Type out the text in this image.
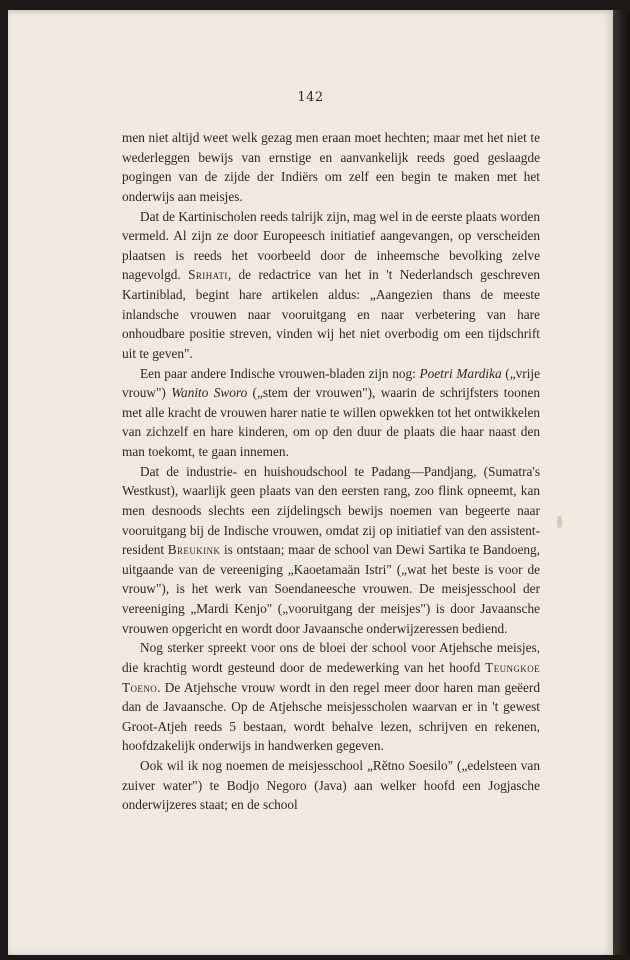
142

men niet altijd weet welk gezag men eraan moet hechten; maar met het niet te wederleggen bewijs van ernstige en aanvankelijk reeds goed geslaagde pogingen van de zijde der Indiërs om zelf een begin te maken met het onderwijs aan meisjes.

Dat de Kartinischolen reeds talrijk zijn, mag wel in de eerste plaats worden vermeld. Al zijn ze door Europeesch initiatief aangevangen, op verscheiden plaatsen is reeds het voorbeeld door de inheemsche bevolking zelve nagevolgd. Srihati, de redactrice van het in 't Nederlandsch geschreven Kartiniblad, begint hare artikelen aldus: „Aangezien thans de meeste inlandsche vrouwen naar vooruitgang en naar verbetering van hare onhoudbare positie streven, vinden wij het niet overbodig om een tijdschrift uit te geven".

Een paar andere Indische vrouwen-bladen zijn nog: Poetri Mardika („vrije vrouw") Wanito Sworo („stem der vrouwen"), waarin de schrijfsters toonen met alle kracht de vrouwen harer natie te willen opwekken tot het ontwikkelen van zichzelf en hare kinderen, om op den duur de plaats die haar naast den man toekomt, te gaan innemen.

Dat de industrie- en huishoudschool te Padang—Pandjang, (Sumatra's Westkust), waarlijk geen plaats van den eersten rang, zoo flink opneemt, kan men desnoods slechts een zijdelingsch bewijs noemen van begeerte naar vooruitgang bij de Indische vrouwen, omdat zij op initiatief van den assistent-resident Breukink is ontstaan; maar de school van Dewi Sartika te Bandoeng, uitgaande van de vereeniging „Kaoetamaän Istri" („wat het beste is voor de vrouw"), is het werk van Soendaneesche vrouwen. De meisjesschool der vereeniging „Mardi Kenjo" („vooruitgang der meisjes") is door Javaansche vrouwen opgericht en wordt door Javaansche onderwijzeressen bediend.

Nog sterker spreekt voor ons de bloei der school voor Atjehsche meisjes, die krachtig wordt gesteund door de medewerking van het hoofd Teungkoe Toeno. De Atjehsche vrouw wordt in den regel meer door haren man geëerd dan de Javaansche. Op de Atjehsche meisjesscholen waarvan er in 't gewest Groot-Atjeh reeds 5 bestaan, wordt behalve lezen, schrijven en rekenen, hoofdzakelijk onderwijs in handwerken gegeven.

Ook wil ik nog noemen de meisjesschool „Rĕtno Soesilo" („edelsteen van zuiver water") te Bodjo Negoro (Java) aan welker hoofd een Jogjasche onderwijzeres staat; en de school
